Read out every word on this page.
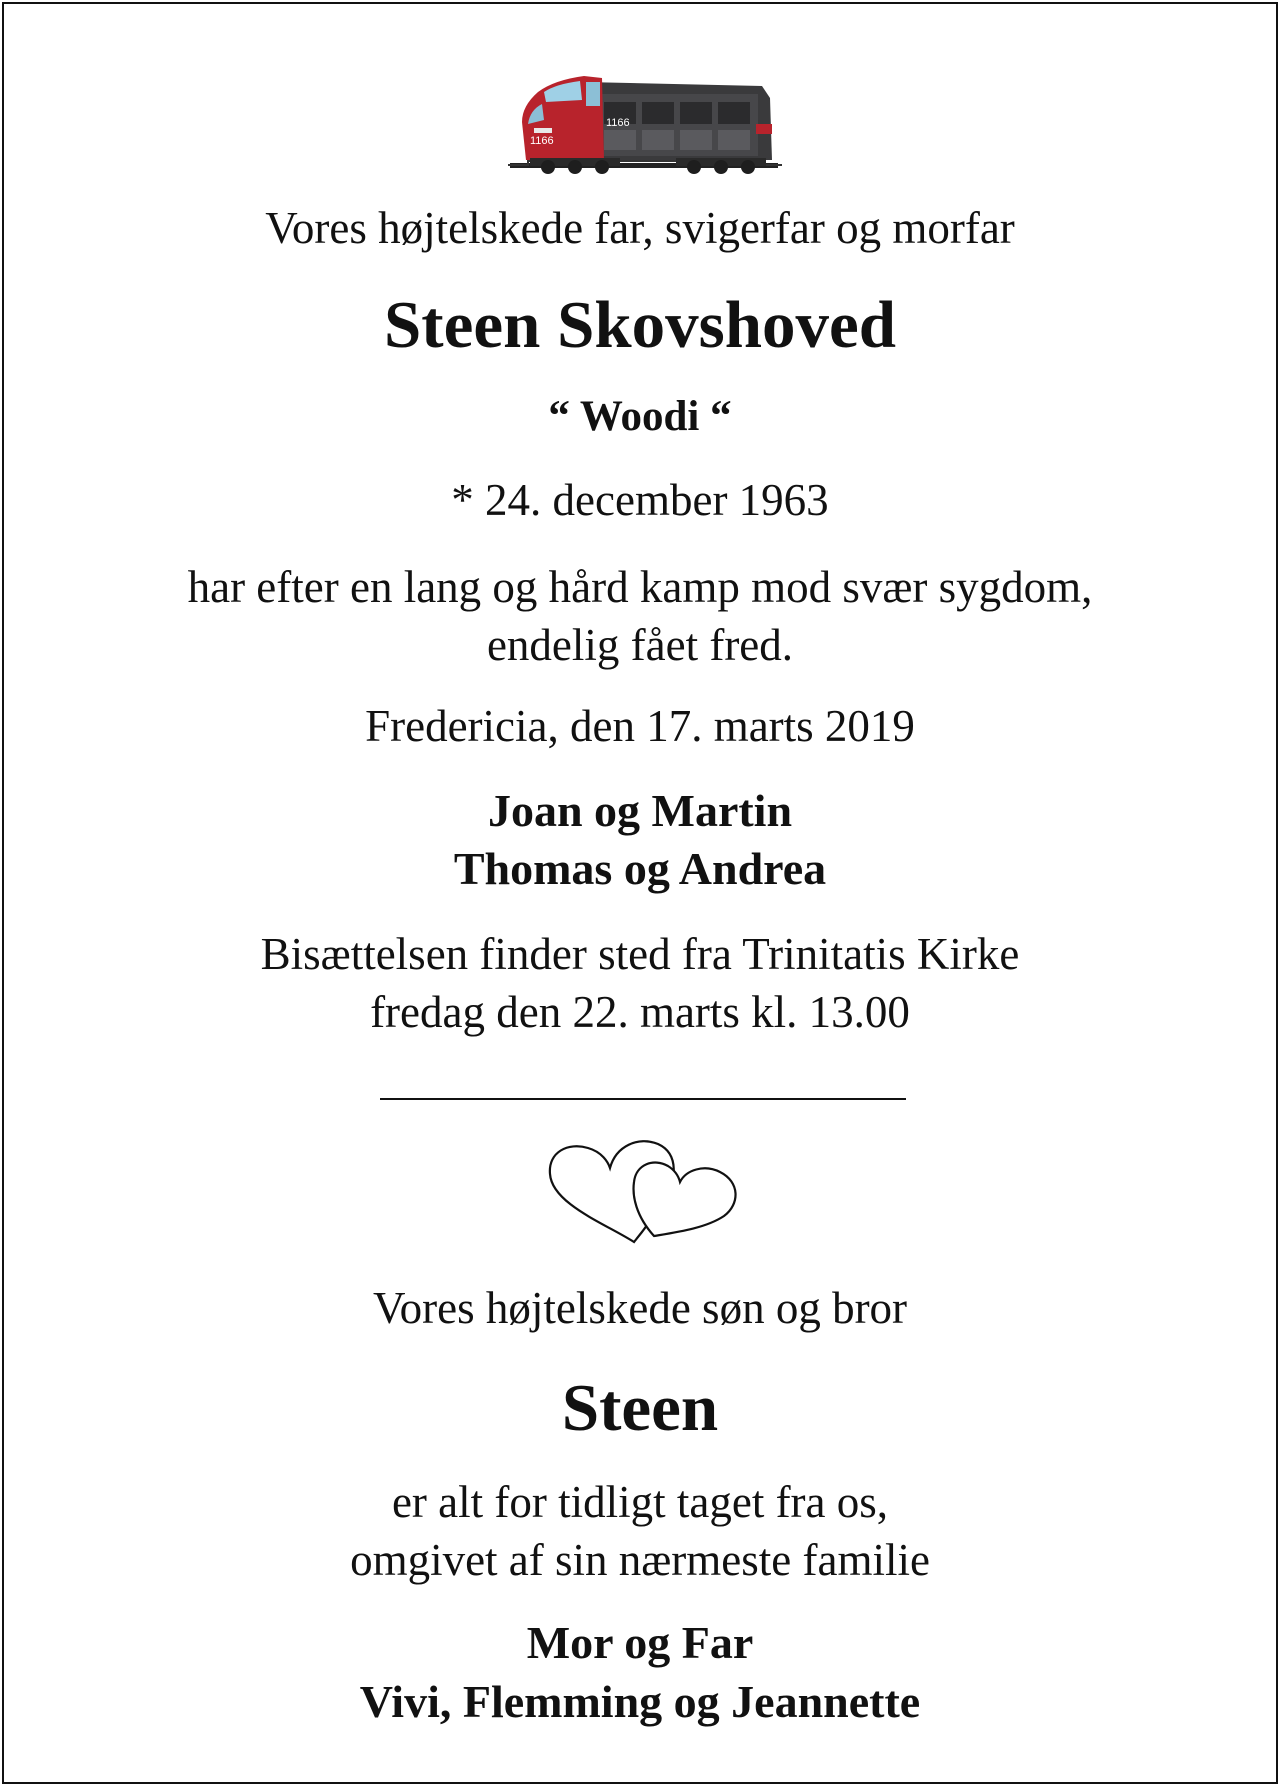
1166
1166
Vores højtelskede far, svigerfar og morfar
Steen Skovshoved
“ Woodi “
* 24. december 1963
har efter en lang og hård kamp mod svær sygdom,
endelig fået fred.
Fredericia, den 17. marts 2019
Joan og Martin
Thomas og Andrea
Bisættelsen finder sted fra Trinitatis Kirke
fredag den 22. marts kl. 13.00
Vores højtelskede søn og bror
Steen
er alt for tidligt taget fra os,
omgivet af sin nærmeste familie
Mor og Far
Vivi, Flemming og Jeannette
